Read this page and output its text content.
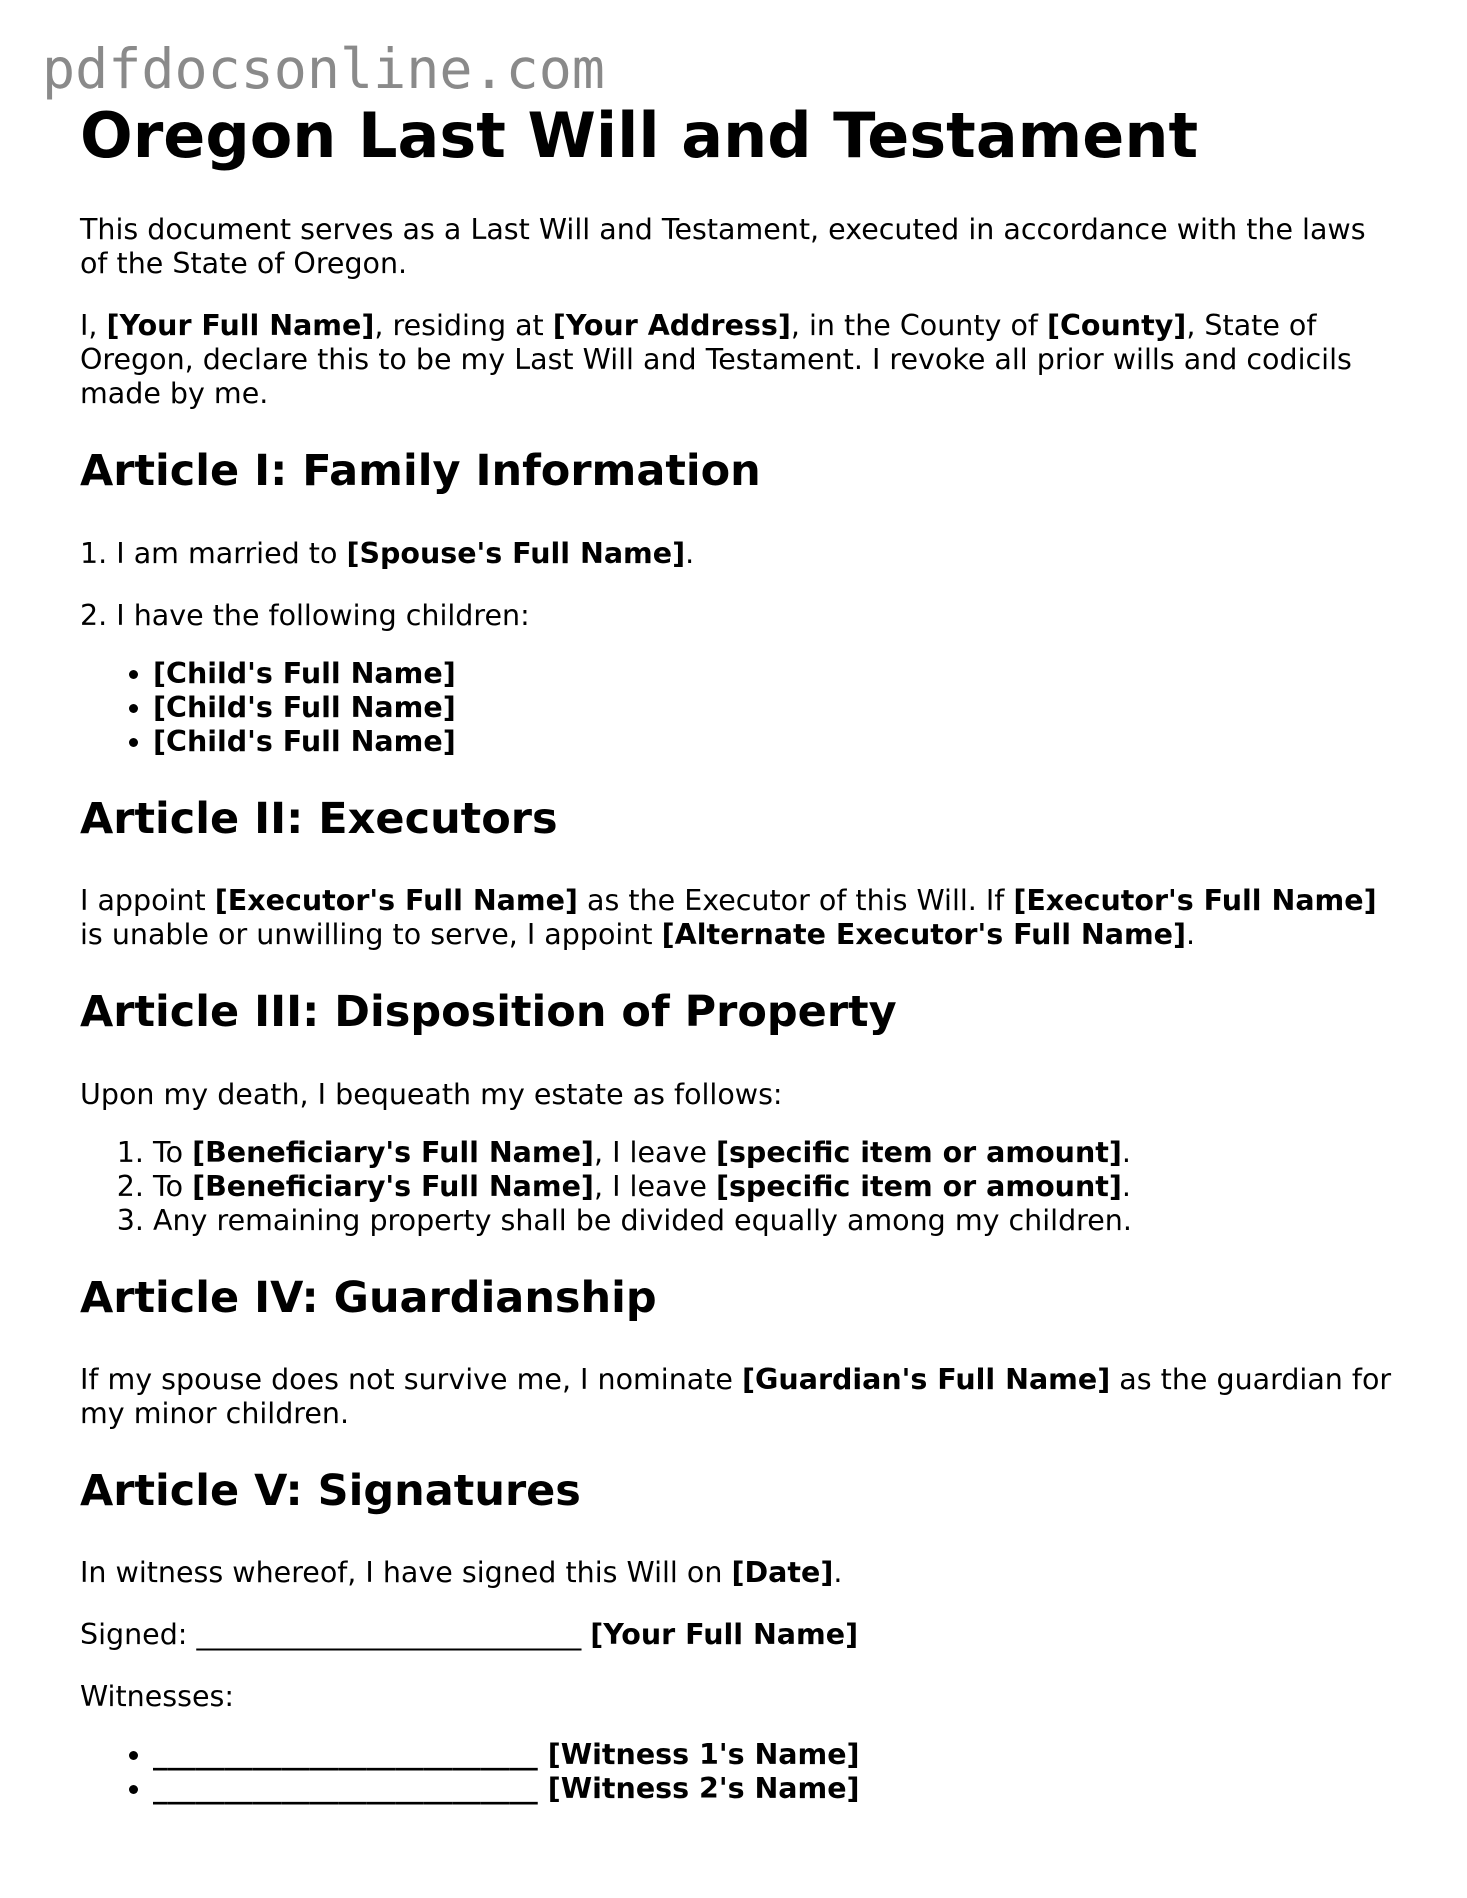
pdfdocsonline.com
Oregon Last Will and Testament

This document serves as a Last Will and Testament, executed in accordance with the laws of the State of Oregon.

I, [Your Full Name], residing at [Your Address], in the County of [County], State of Oregon, declare this to be my Last Will and Testament. I revoke all prior wills and codicils made by me.

Article I: Family Information

1. I am married to [Spouse's Full Name].

2. I have the following children:

• [Child's Full Name]
• [Child's Full Name]
• [Child's Full Name]
Article II: Executors

I appoint [Executor's Full Name] as the Executor of this Will. If [Executor's Full Name] is unable or unwilling to serve, I appoint [Alternate Executor's Full Name].

Article III: Disposition of Property

Upon my death, I bequeath my estate as follows:

1. To [Beneficiary's Full Name], I leave [specific item or amount].
2. To [Beneficiary's Full Name], I leave [specific item or amount].
3. Any remaining property shall be divided equally among my children.
Article IV: Guardianship

If my spouse does not survive me, I nominate [Guardian's Full Name] as the guardian for my minor children.

Article V: Signatures

In witness whereof, I have signed this Will on [Date].

Signed: ___________________________ [Your Full Name]

Witnesses:

• ___________________________ [Witness 1's Name]
• ___________________________ [Witness 2's Name]
